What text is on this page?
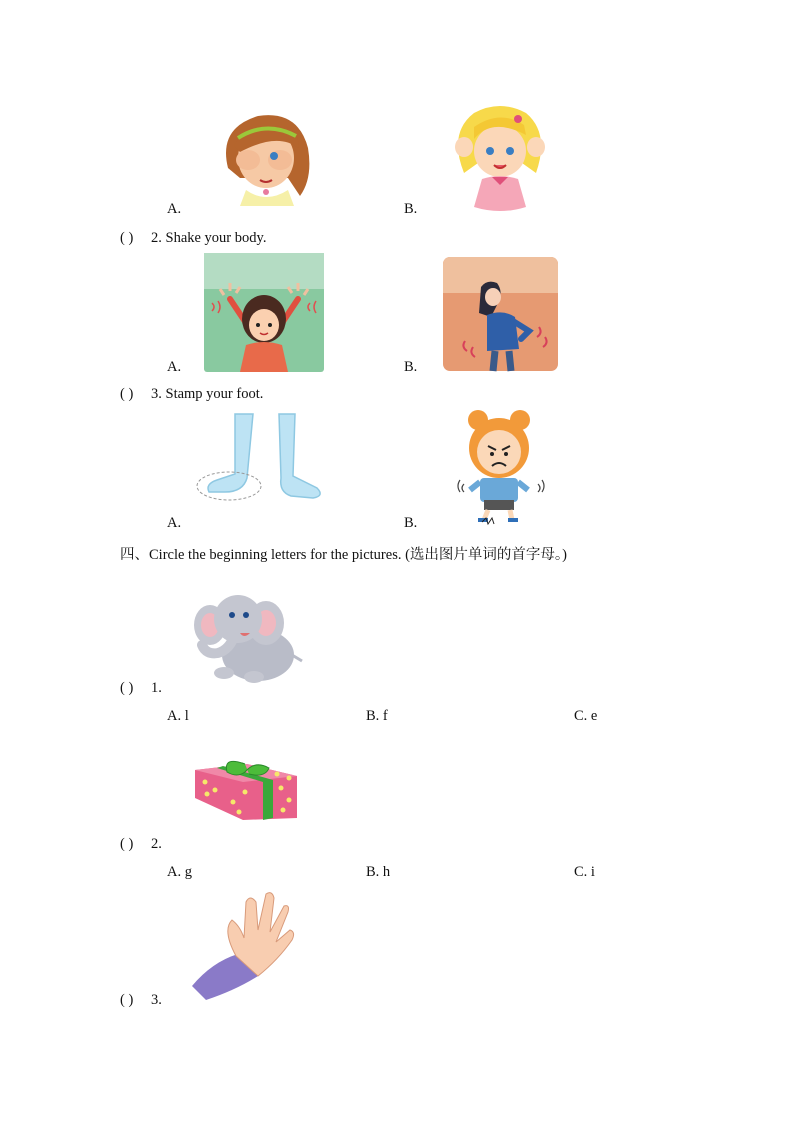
A.	B.
( ) 2. Shake your body.
A.	B.
( ) 3. Stamp your foot.
A.	B.
四、Circle the beginning letters for the pictures. (选出图片单词的首字母。)
( ) 1.
A. l	B. f	C. e
( ) 2.
A. g	B. h	C. i
( ) 3.
